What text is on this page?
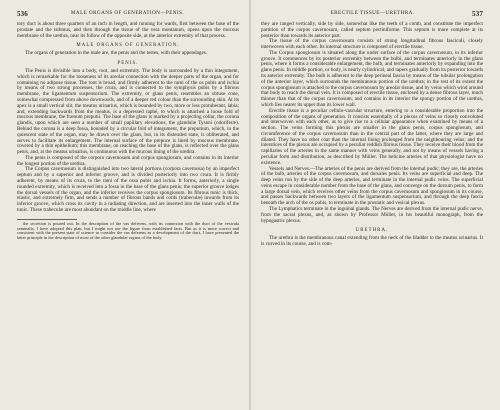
536	MALE ORGANS OF GENERATION—PENIS.

tory duct is about three quarters of an inch in length, and running for wards, first between the base of the prostate and the isthmus, and then through the tissue of the vera montanum, opens upon the mucous membrane of the urethra, near its follow of the opposite side, at the anterior extremity of that process.

MALE ORGANS OF GENERATION.

The organs of generation in the male are, the penis and the testes, with their appendages.

PENIS.

The Penis is divisible into a body, root, and extremity. The body is surrounded by a thin integument, which is remarkable for the looseness of its areolar connection with the deeper parts of the organ, and for containing no adipose tissue. The root is broad, and firmly adherent to the rami of the os pubis and ischia by means of two strong processes, the crura, and is connected to the symphysis pubis by a fibrous membrane, the ligamentum suspensorium. The extremity, or glans penis, resembles an obtuse cone, somewhat compressed from above downwards, and of a deeper red colour than the surrounding skin. At its apex is a small vertical slit, the meatus urinarius, which is bounded by two, more or less protuberant, labia; and, extending backwards from the meatus, is a depressed raphé, to which is attached a loose fold of mucous membrane, the frænum preputii. The base of the glans is marked by a projecting collar, the corona glandis, upon which are seen a number of small papillary elevations, the glandulæ Tysoni (odoriferæ). Behind the corona is a deep fossa, bounded by a circular fold of integument, the preputium, which, in the quiescent state of the organ, may be drawn over the glans, but, in its distended state, is obliterated, and serves to facilitate its enlargement. The internal surface of the prepuce is lined by mucous membrane, covered by a thin epithelium; this membrane, on reaching the base of the glans, is reflected over the glans penis, and, at the meatus urinarius, is continuous with the mucous lining of the urethra.

The penis is composed of the corpora cavernosum and corpus spongiosum, and contains in its interior the longest portion of the urethra.

The Corpus cavernosum is distinguished into two lateral portions (corpora cavernosa) by an imperfect septum and by a superior and inferior groove, and is divided posteriorly into two crura. It is firmly adherent, by means of its crura, to the rami of the ossa pubis and ischia. It forms, anteriorly, a single rounded extremity, which is received into a fossa in the base of the glans penis; the superior groove lodges the dorsal vessels of the organ, and the inferior receives the corpus spongiosum. Its fibrous tunic is thick, elastic, and extremely firm, and sends a number of fibrous bands and cords (trabeculæ) inwards from its inferior groove, which cross its cavity in a radiating direction, and are inserted into the inner walls of the tunic. These trabeculæ are most abundant on the middle line, where

the secretion is poured out. In the description of the vas deferens, with its connexion with the duct of the vesicula seminalis, I have adopted this plan, but I might not use the figure from established facts. But as it is more correct and consistent with the present state of science to consider the vas deferens as a development of the duct, I have presented the latter principle in the description of most of the other glandular organs of the body.

ERECTILE TISSUE—URETHRA.	537

they are ranged vertically, side by side, somewhat like the teeth of a comb, and constitute the imperfect partition of the corpus cavernosum, called septum pectiniforme. This septum is more complete at its posterior than towards its anterior part.

The tissue of the corpus cavernosum consists of strong longitudinal fibrous fasciculi, closely interwoven with each other. Its internal structure is composed of erectile tissue.

The Corpus spongiosum is situated along the under surface of the corpus cavernosum, in its inferior groove. It commences by its posterior extremity between the bulbi, and terminates anteriorly in the glans penis, where it forms a considerable enlargement, the bulb, and terminates anteriorly by expanding into the glans penis. In middle portion, or body, is nearly cylindrical, and tapers gradually from its posterior towards its anterior extremity. The bulb is adherent to the deep perineal fascia by means of the tubular prolongation of the anterior layer, which surrounds the membranous portion of the urethra; in the rest of its extent the corpus spongiosum is attached to the corpus cavernosum by areolar tissue, and by veins which wind around that body to reach the dorsal vein. It is composed of erectile tissue, enclosed by a dense fibrous layer, much thinner than that of the corpus cavernosum, and contains in its interior the spongy portion of the urethra, which lies nearer its upper than its lower wall.

Erectile tissue is a peculiar cellulo-vascular structure, entering to a considerable proportion into the composition of the organs of generation. It consists essentially of a plexus of veins so closely convoluted and interwoven with each other, as to give rise to a cellular appearance when examined by means of a section. The veins forming this plexus are smaller in the glans penis, corpus spongiosum, and circumference of the corpus cavernosum than in the central part of the latter, where they are large and dilated. They have no other coat than the internal lining prolonged from the neighbouring veins; and the interstices of the plexus are occupied by a peculiar reddish fibrous tissue. They receive their blood from the capillaries of the arteries in the same manner with veins generally, and not by means of vessels having a peculiar form and distribution, as described by Müller. The helicine arteries of that physiologist have no existence.

Vessels and Nerves.—The arteries of the penis are derived from the internal pudic; they are, the arteries of the bulb, arteries of the corpus cavernosum, and dorsales penis. Its veins are superficial and deep. The deep veins run by the side of the deep arteries, and terminate in the internal pudic veins. The superficial veins escape in considerable number from the base of the glans, and converge on the dorsum penis, to form a large dorsal vein, which receives other veins from the corpus cavernosum and spongiosum in its course, and passes backwards between two layers of the ligamentum suspensorium, and through the deep fascia beneath the arch of the os pubis, to terminate in the prostatic and vesical plexus.

The Lymphatics terminate in the inguinal glands. The Nerves are derived from the internal pudic nerve, from the sacral plexus, and, as shown by Professor Müller, in his beautiful monograph, from the hypogastric plexus.

URETHRA.

The urethra is the membranous canal extending from the neck of the bladder to the meatus urinarius. It is curved in its course, and is com-
